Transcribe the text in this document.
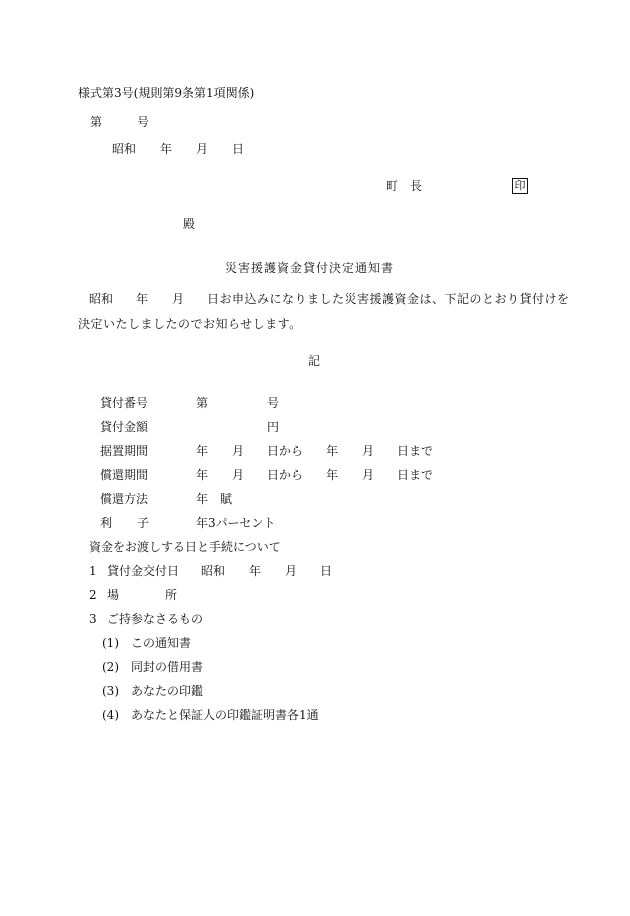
様式第3号(規則第9条第1項関係)
第	号
昭和 年 月 日
町　長	印
殿
災害援護資金貸付決定通知書
昭和 年 月 日お申込みになりました災害援護資金は、下記のとおり貸付けを
決定いたしましたのでお知らせします。
記
貸付番号	第	号
貸付金額	円
据置期間	年 月 日から 年 月 日まで
償還期間	年 月 日から 年 月 日まで
償還方法	年 賦
利 子	年3パーセント
資金をお渡しする日と手続について
1 貸付金交付日 昭和 年 月 日
2 場	所
3 ご持参なさるもの
(1) この通知書
(2) 同封の借用書
(3) あなたの印鑑
(4) あなたと保証人の印鑑証明書各1通
